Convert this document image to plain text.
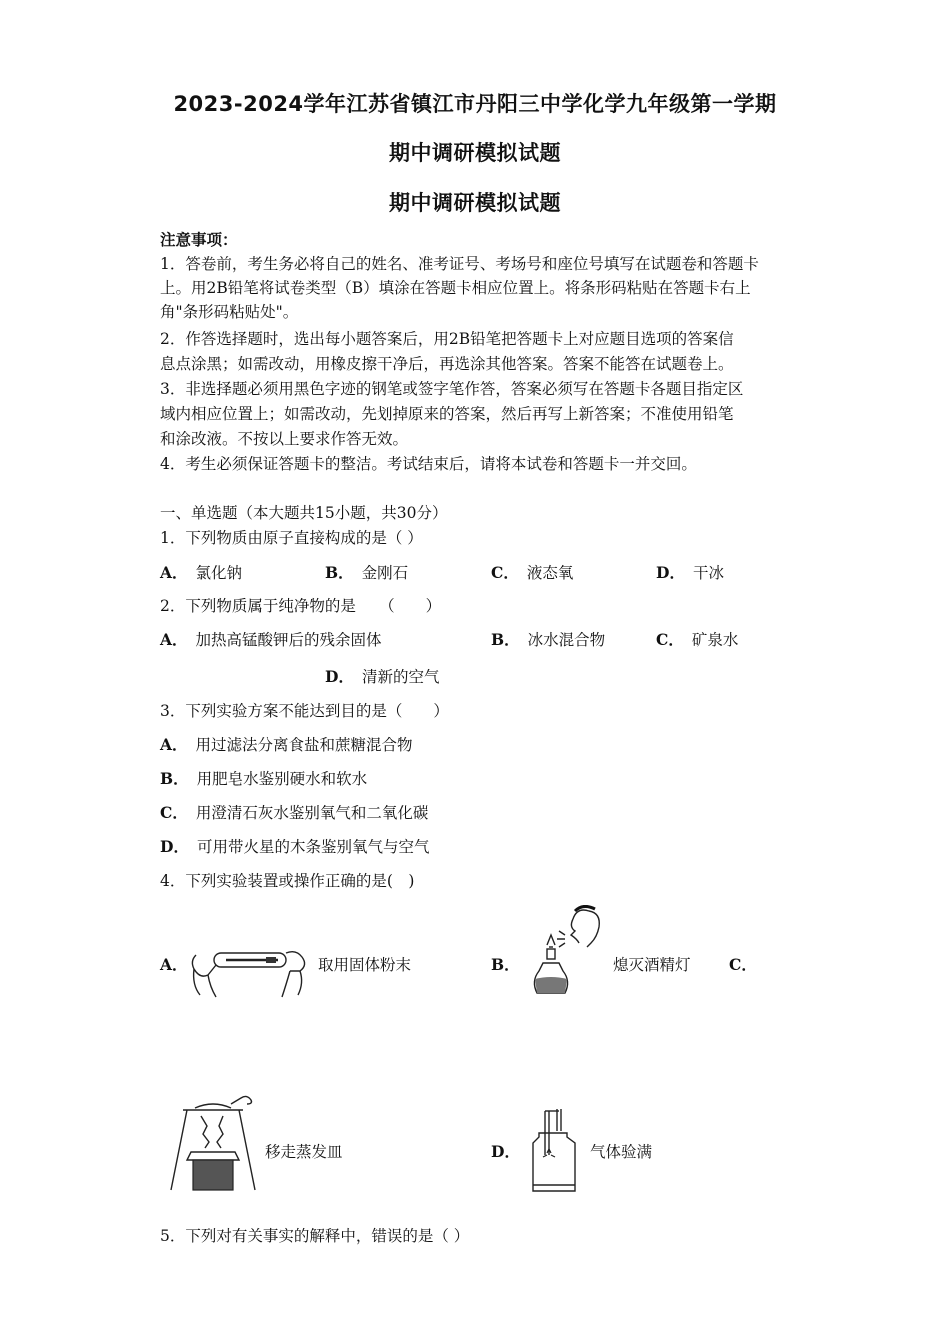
2023-2024学年江苏省镇江市丹阳三中学化学九年级第一学期
期中调研模拟试题
期中调研模拟试题
注意事项：
1．答卷前，考生务必将自己的姓名、准考证号、考场号和座位号填写在试题卷和答题卡
上。用2B铅笔将试卷类型（B）填涂在答题卡相应位置上。将条形码粘贴在答题卡右上
角"条形码粘贴处"。
2．作答选择题时，选出每小题答案后，用2B铅笔把答题卡上对应题目选项的答案信
息点涂黑；如需改动，用橡皮擦干净后，再选涂其他答案。答案不能答在试题卷上。
3．非选择题必须用黑色字迹的钢笔或签字笔作答，答案必须写在答题卡各题目指定区
域内相应位置上；如需改动，先划掉原来的答案，然后再写上新答案；不准使用铅笔
和涂改液。不按以上要求作答无效。
4．考生必须保证答题卡的整洁。考试结束后，请将本试卷和答题卡一并交回。
一、单选题（本大题共15小题，共30分）
1．下列物质由原子直接构成的是（ ）
A． 氯化钠	B． 金刚石	C． 液态氧	D． 干冰
2．下列物质属于纯净物的是　　（　　）
A． 加热高锰酸钾后的残余固体	B． 冰水混合物	C． 矿泉水
D． 清新的空气
3．下列实验方案不能达到目的是（　　）
A． 用过滤法分离食盐和蔗糖混合物
B． 用肥皂水鉴别硬水和软水
C． 用澄清石灰水鉴别氧气和二氧化碳
D． 可用带火星的木条鉴别氧气与空气
4．下列实验装置或操作正确的是(　)
A．	取用固体粉末	B．	熄灭酒精灯 C．
移走蒸发皿	D．	气体验满
5．下列对有关事实的解释中，错误的是（ ）
